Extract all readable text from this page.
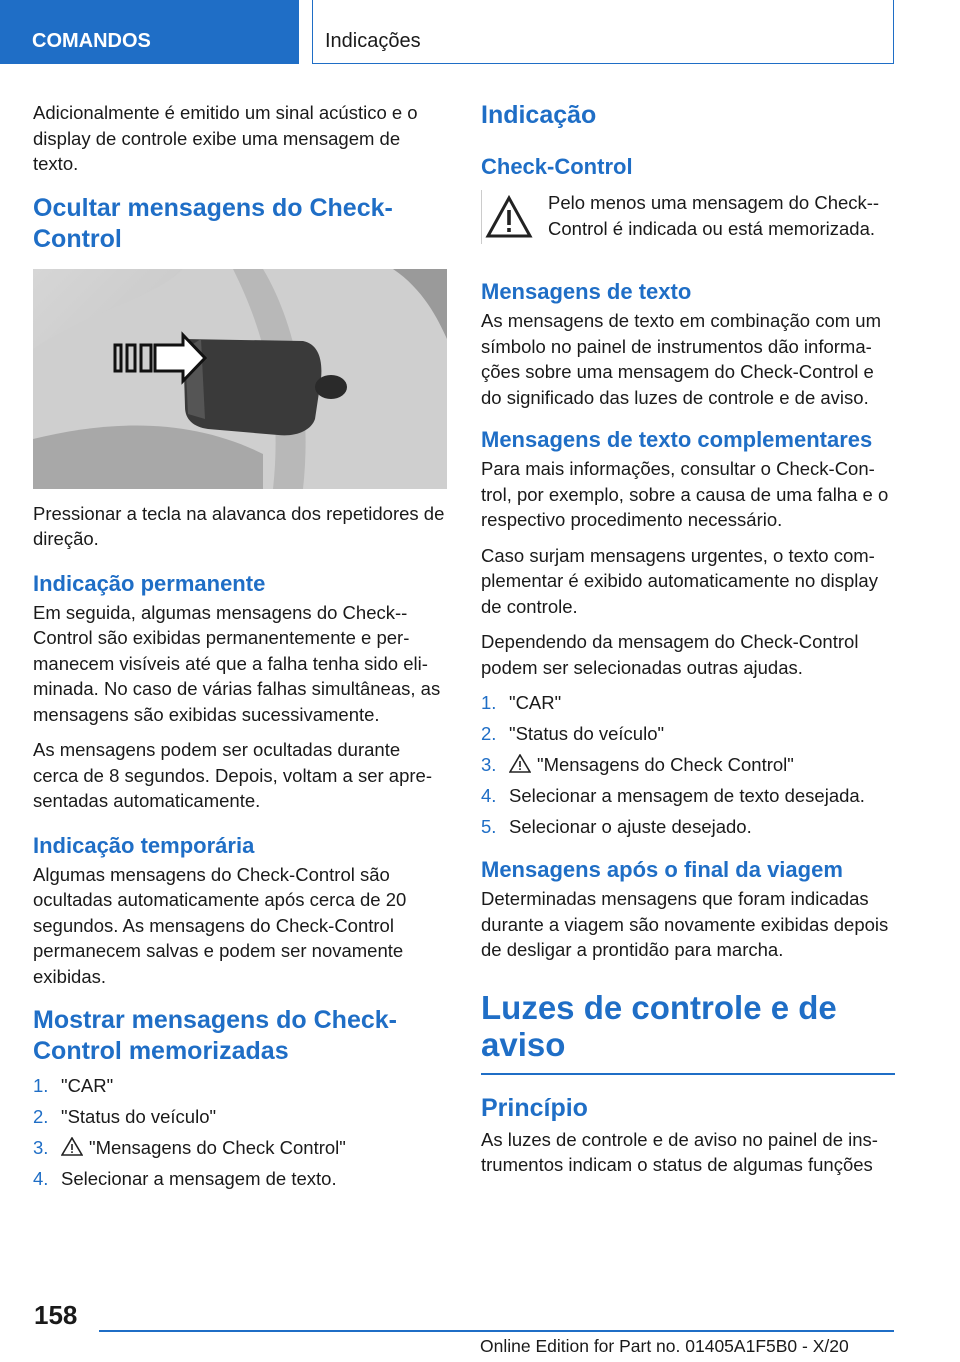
COMANDOS	Indicações

Adicionalmente é emitido um sinal acústico e o display de controle exibe uma mensagem de texto.

Ocultar mensagens do Check-Control

Pressionar a tecla na alavanca dos repetidores de direção.

Indicação permanente

Em seguida, algumas mensagens do Check--Control são exibidas permanentemente e per-manecem visíveis até que a falha tenha sido eli-minada. No caso de várias falhas simultâneas, as mensagens são exibidas sucessivamente.

As mensagens podem ser ocultadas durante cerca de 8 segundos. Depois, voltam a ser apre-sentadas automaticamente.

Indicação temporária

Algumas mensagens do Check-Control são ocultadas automaticamente após cerca de 20 segundos. As mensagens do Check-Control permanecem salvas e podem ser novamente exibidas.

Mostrar mensagens do Check-Control memorizadas
1. "CAR"
2. "Status do veículo"
3. "Mensagens do Check Control"
4. Selecionar a mensagem de texto.
Indicação
Check-Control
Pelo menos uma mensagem do Check--Control é indicada ou está memorizada.
Mensagens de texto

As mensagens de texto em combinação com um símbolo no painel de instrumentos dão informa-ções sobre uma mensagem do Check-Control e do significado das luzes de controle e de aviso.

Mensagens de texto complementares

Para mais informações, consultar o Check-Con-trol, por exemplo, sobre a causa de uma falha e o respectivo procedimento necessário.

Caso surjam mensagens urgentes, o texto com-plementar é exibido automaticamente no display de controle.

Dependendo da mensagem do Check-Control podem ser selecionadas outras ajudas.

1. "CAR"
2. "Status do veículo"
3. "Mensagens do Check Control"
4. Selecionar a mensagem de texto desejada.
5. Selecionar o ajuste desejado.
Mensagens após o final da viagem

Determinadas mensagens que foram indicadas durante a viagem são novamente exibidas depois de desligar a prontidão para marcha.

Luzes de controle e de aviso
Princípio

As luzes de controle e de aviso no painel de ins-trumentos indicam o status de algumas funções

158
Online Edition for Part no. 01405A1F5B0 - X/20
